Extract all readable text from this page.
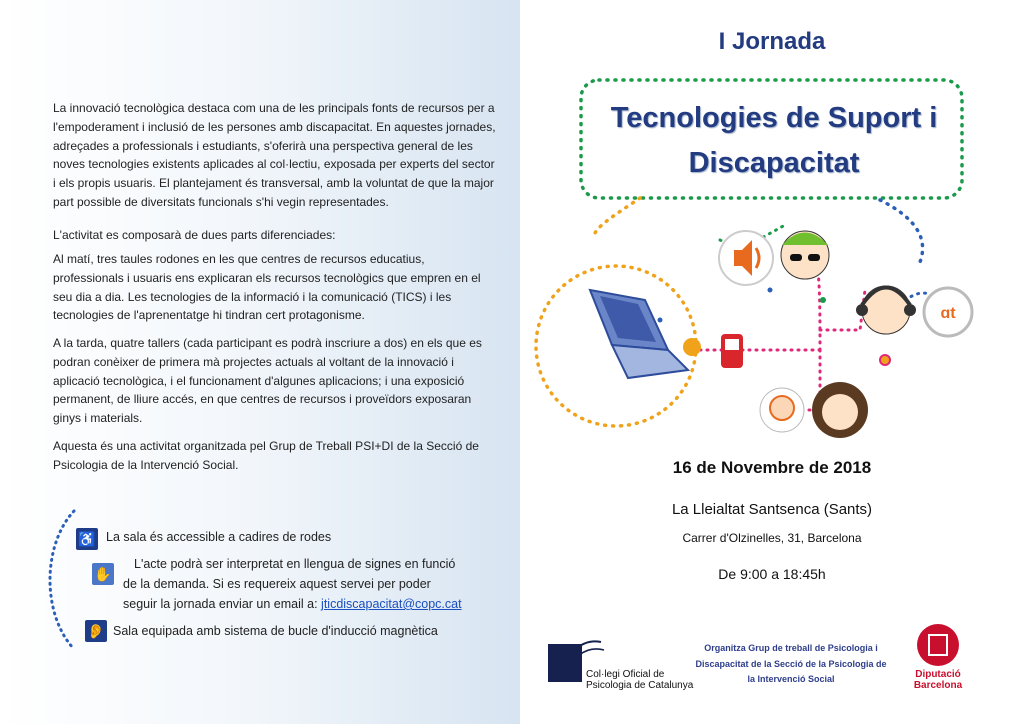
La innovació tecnològica destaca com una de les principals fonts de recursos per a l'empoderament i inclusió de les persones amb discapacitat. En aquestes jornades, adreçades a professionals i estudiants, s'oferirà una perspectiva general de les noves tecnologies existents aplicades al col·lectiu, exposada per experts del sector i els propis usuaris. El plantejament és transversal, amb la voluntat de que la major part possible de diversitats funcionals s'hi vegin representades.

L'activitat es composarà de dues parts diferenciades:

Al matí, tres taules rodones en les que centres de recursos educatius, professionals i usuaris ens explicaran els recursos tecnològics que empren en el seu dia a dia. Les tecnologies de la informació i la comunicació (TICS) i les tecnologies de l'aprenentatge hi tindran cert protagonisme.

A la tarda, quatre tallers (cada participant es podrà inscriure a dos) en els que es podran conèixer de primera mà projectes actuals al voltant de la innovació i aplicació tecnològica, i el funcionament d'algunes aplicacions; i una exposició permanent, de lliure accés, en que centres de recursos i proveïdors exposaran ginys i materials.

Aquesta és una activitat organitzada pel Grup de Treball PSI+DI de la Secció de Psicologia de la Intervenció Social.

♿ La sala és accessible a cadires de rodes
✋
L'acte podrà ser interpretat en llengua de signes en funció
de la demanda. Si es requereix aquest servei per poder
seguir la jornada enviar un email a: jticdiscapacitat@copc.cat
👂 Sala equipada amb sistema de bucle d'inducció magnètica
I Jornada
ɑt
Tecnologies de Suport i Discapacitat
16 de Novembre de 2018
La Lleialtat Santsenca (Sants)
Carrer d'Olzinelles, 31, Barcelona
De 9:00 a 18:45h
Col·legi Oficial de
Psicologia de Catalunya
Organitza Grup de treball de Psicologia i Discapacitat de la Secció de la Psicologia de la Intervenció Social	Diputació
Barcelona
